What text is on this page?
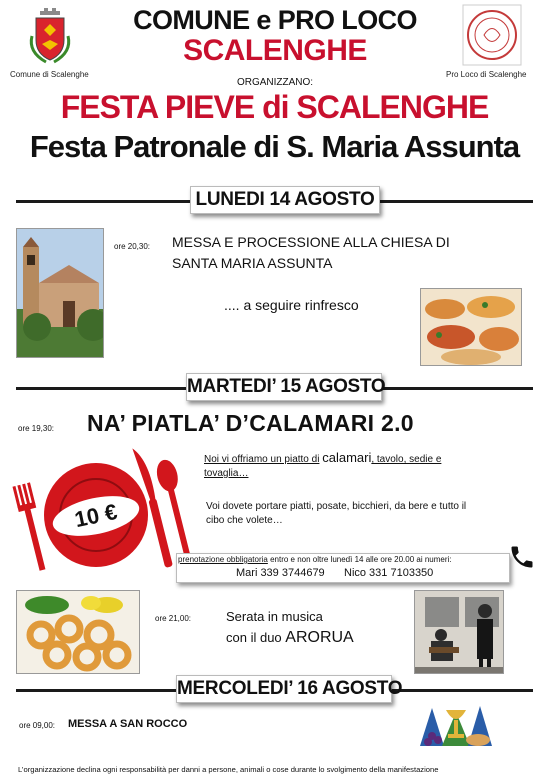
Comune di Scalenghe	Pro Loco di Scalenghe
COMUNE e PRO LOCO
SCALENGHE
ORGANIZZANO:
FESTA PIEVE di SCALENGHE
Festa Patronale di S. Maria Assunta
LUNEDI 14 AGOSTO
ore 20,30: MESSA E PROCESSIONE ALLA CHIESA DI
SANTA MARIA ASSUNTA
.... a seguire rinfresco
MARTEDI’ 15 AGOSTO
ore 19,30: NA’ PIATLA’ D’CALAMARI 2.0
10 €
Noi vi offriamo un piatto di calamari, tavolo, sedie e
tovaglia…
Voi dovete portare piatti, posate, bicchieri, da bere e tutto il
cibo che volete…
prenotazione obbligatoria entro e non oltre lunedì 14 alle ore 20.00 ai numeri:
Mari 339 3744679 Nico 331 7103350
ore 21,00:	Serata in musica
con il duo ARORUA
MERCOLEDI’ 16 AGOSTO
ore 09,00: MESSA A SAN ROCCO
L’organizzazione declina ogni responsabilità per danni a persone, animali o cose durante lo svolgimento della manifestazione
